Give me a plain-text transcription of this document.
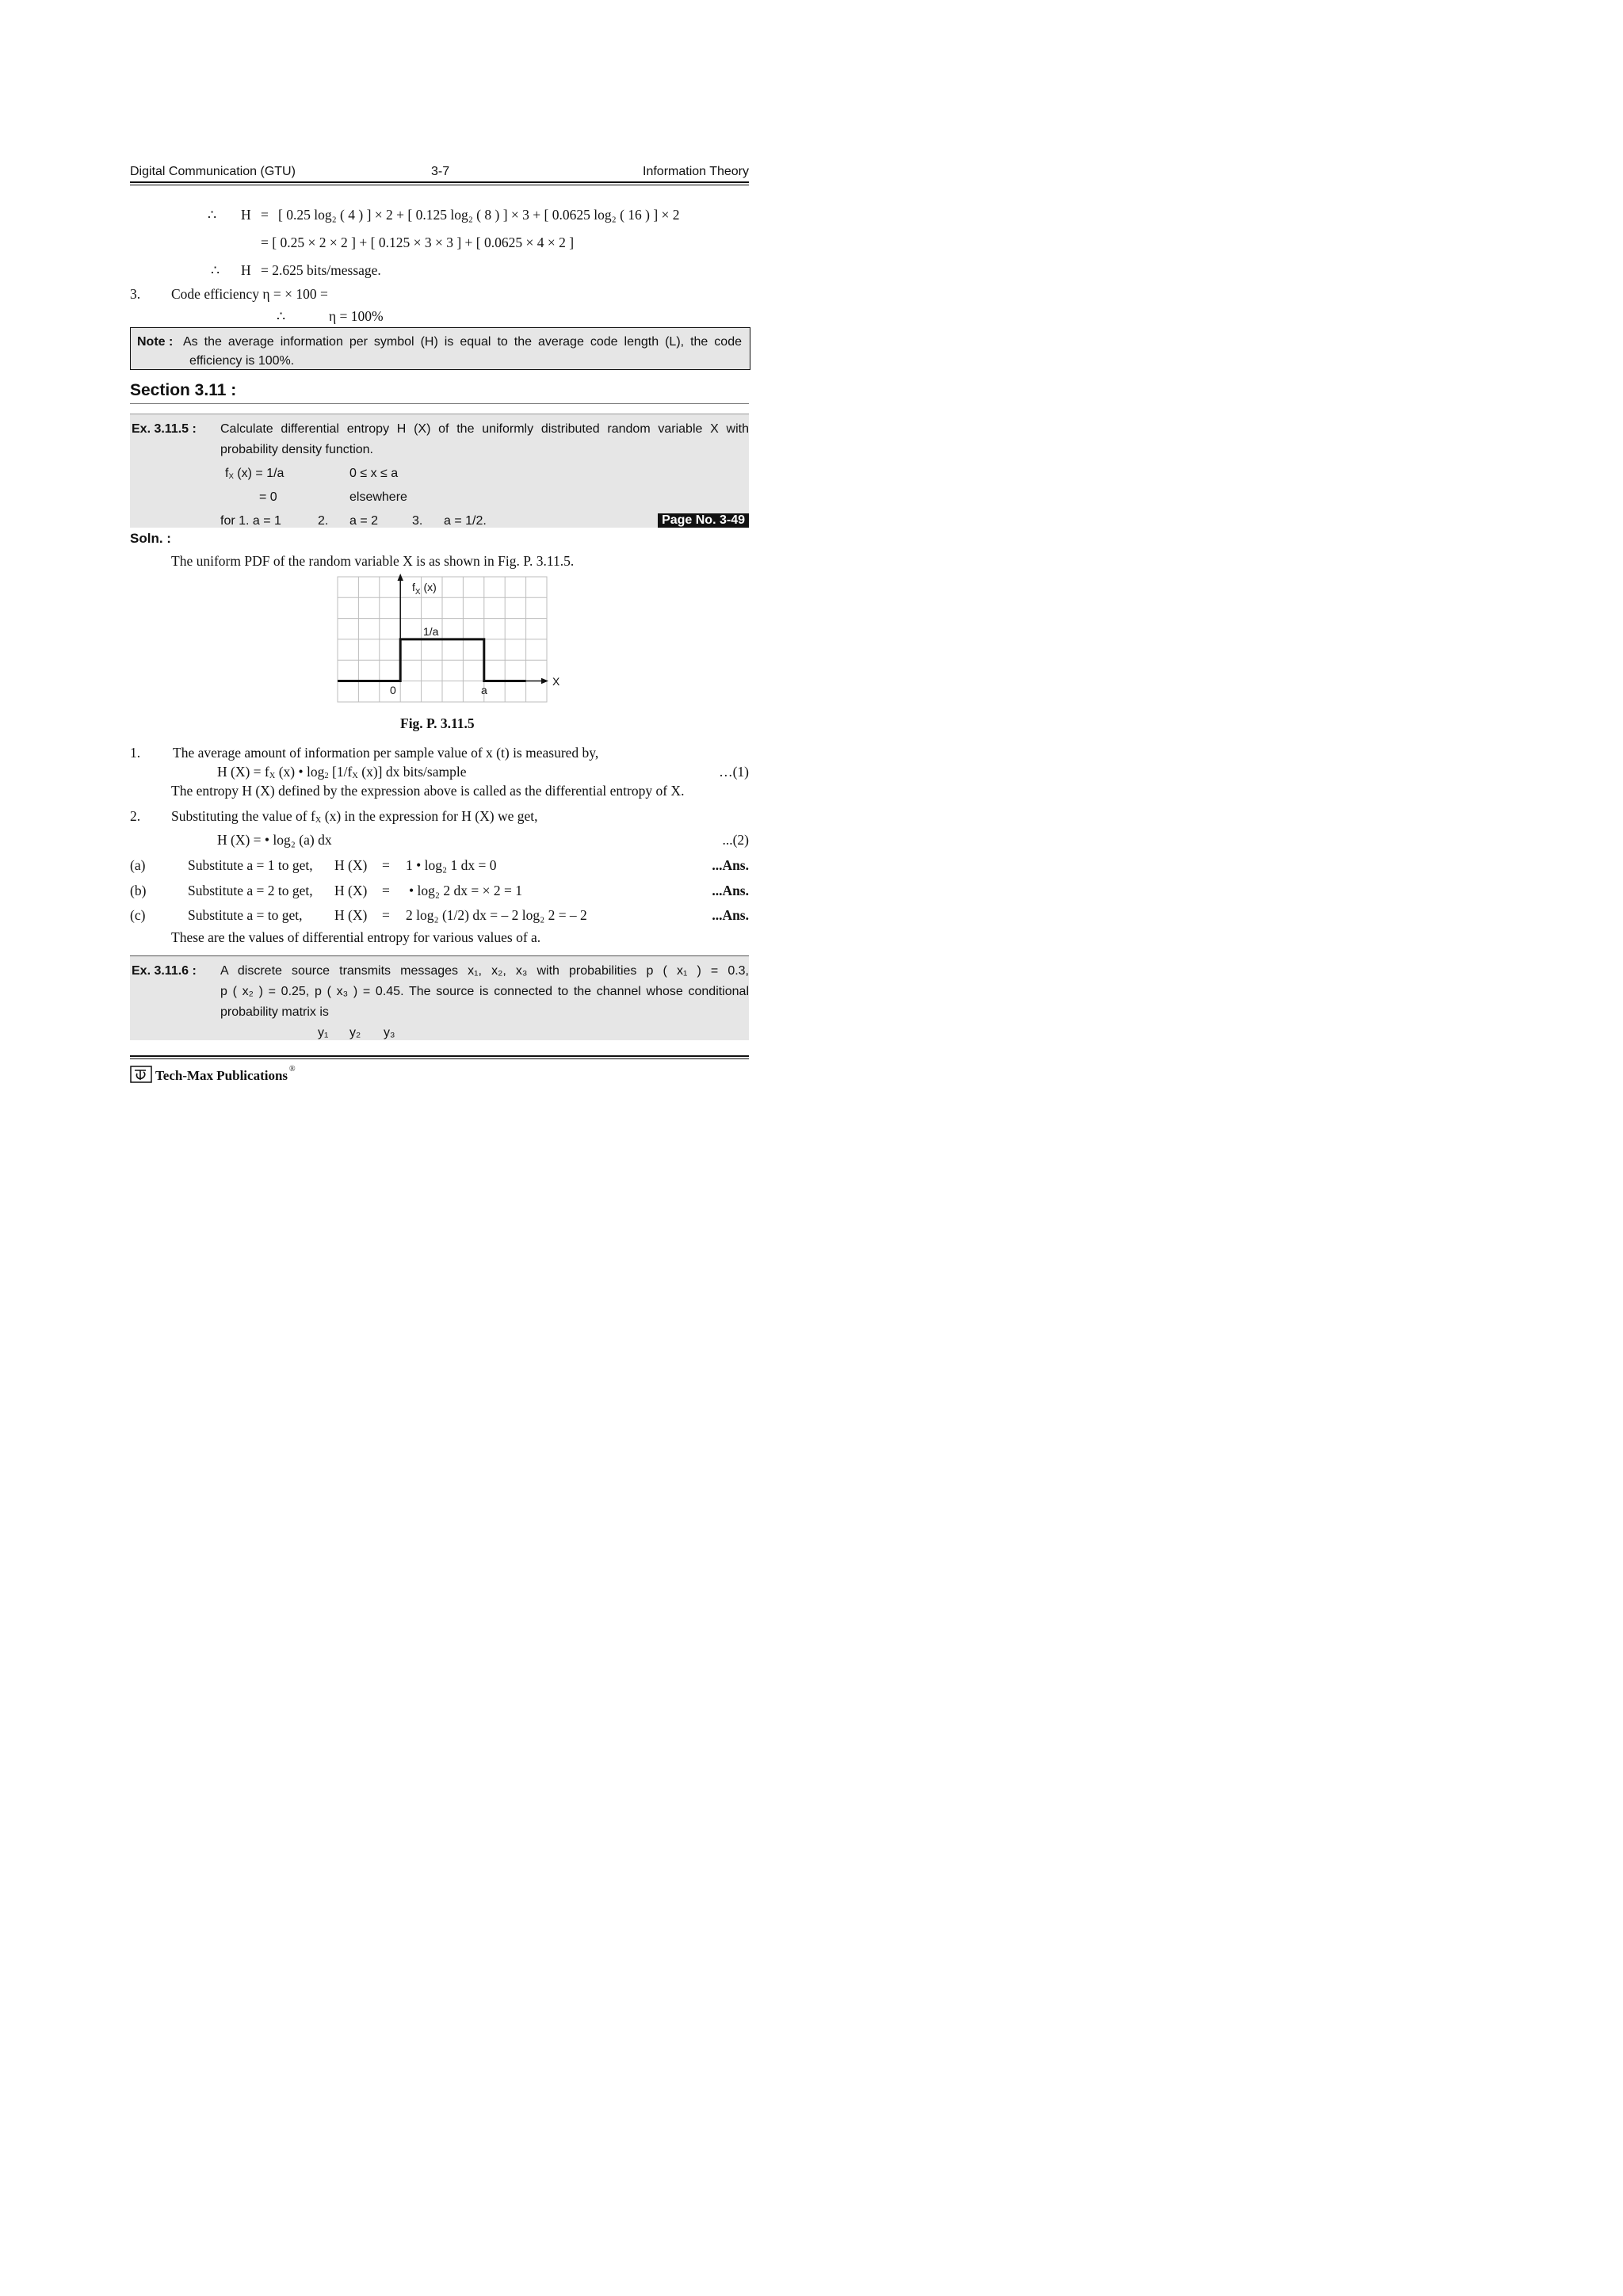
Digital Communication (GTU)	3-7	Information Theory
∴ H = [ 0.25 log₂ ( 4 ) ] × 2 + [ 0.125 log₂ ( 8 ) ] × 3 + [ 0.0625 log₂ ( 16 ) ] × 2
= [ 0.25 × 2 × 2 ] + [ 0.125 × 3 × 3 ] + [ 0.0625 × 4 × 2 ]
∴ H = 2.625 bits/message.
3. Code efficiency η = × 100 =
∴	η = 100%
Note : As the average information per symbol (H) is equal to the average code length (L), the code
efficiency is 100%.
Section 3.11 :
Ex. 3.11.5 : Calculate differential entropy H (X) of the uniformly distributed random variable X with
probability density function.
$f_X$ (x) = 1/a	0 ≤ x ≤ a
= 0	elsewhere
for 1. a = 1	2. a = 2	3. a = 1/2.	Page No. 3-49
Soln. :
The uniform PDF of the random variable X is as shown in Fig. P. 3.11.5.
$f_X$ (x)
1/a
0	a
X
Fig. P. 3.11.5
1. The average amount of information per sample value of x (t) is measured by,
H $(X) = f_X$ (x) • $\log_2 [1/f_X$ (x)] dx bits/sample	…(1)
The entropy H (X) defined by the expression above is called as the differential entropy of X.
2. Substituting the value of $f_X$ (x) in the expression for H (X) we get,
H (X) = • log₂ (a) dx	...(2)
(a)	Substitute a = 1 to get, H (X) = 1 • log₂ 1 dx = 0	...Ans.
(b)	Substitute a = 2 to get, H (X) = • log₂ 2 dx = × 2 = 1	...Ans.
(c)	Substitute a = to get, H (X) = 2 log₂ (1/2) dx = – 2 log₂ 2 = – 2	...Ans.
These are the values of differential entropy for various values of a.
Ex. 3.11.6 : A discrete source transmits messages x₁, x₂, x₃ with probabilities p ( x₁ ) = 0.3,
p ( x₂ ) = 0.25, p ( x₃ ) = 0.45. The source is connected to the channel whose conditional
probability matrix is
y₁ y₂ y₃
Tech-Max Publications ®
